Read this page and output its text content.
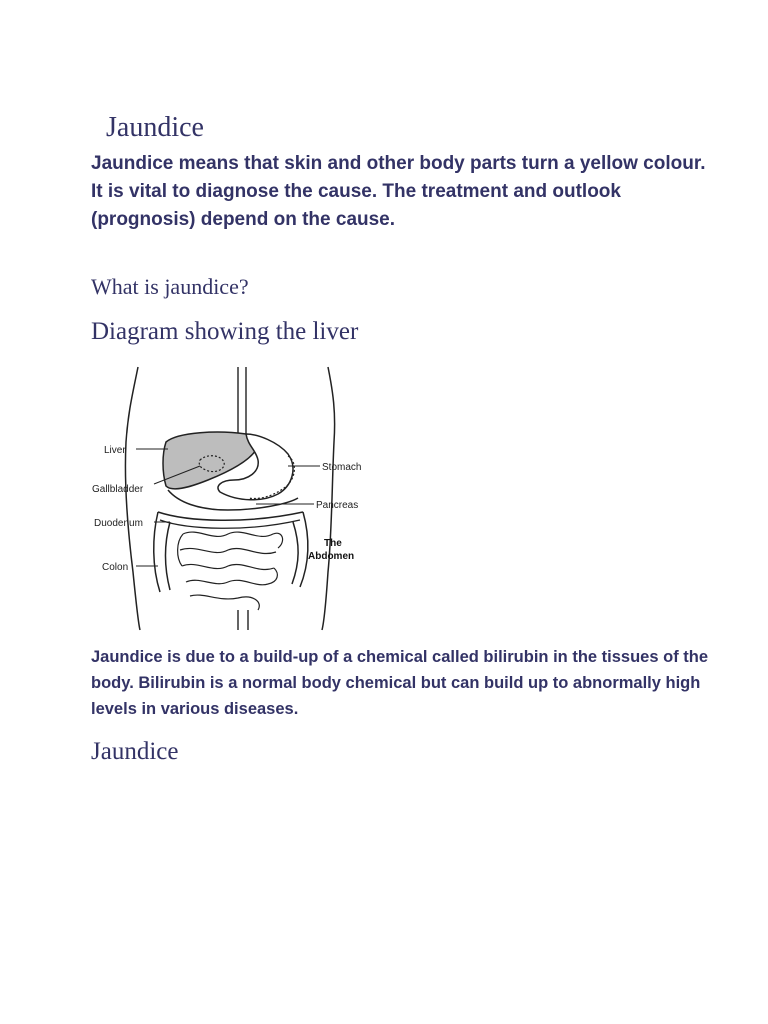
Jaundice

Jaundice means that skin and other body parts turn a yellow colour. It is vital to diagnose the cause. The treatment and outlook (prognosis) depend on the cause.

What is jaundice?
Diagram showing the liver
Liver
Gallbladder
Duodenum
Colon
Stomach
Pancreas
The
Abdomen

Jaundice is due to a build-up of a chemical called bilirubin in the tissues of the body. Bilirubin is a normal body chemical but can build up to abnormally high levels in various diseases.

Jaundice
